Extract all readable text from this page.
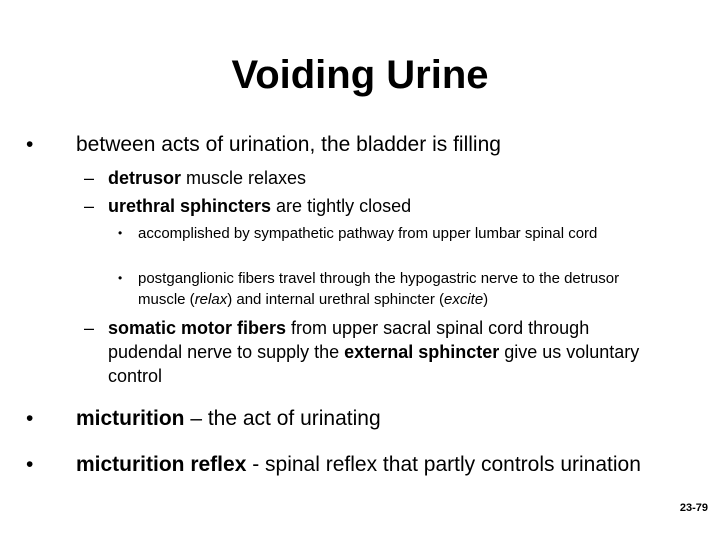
Voiding Urine
• between acts of urination, the bladder is filling
– detrusor muscle relaxes
– urethral sphincters are tightly closed
• accomplished by sympathetic pathway from upper lumbar spinal cord
• postganglionic fibers travel through the hypogastric nerve to the detrusor muscle (relax) and internal urethral sphincter (excite)
– somatic motor fibers from upper sacral spinal cord through pudendal nerve to supply the external sphincter give us voluntary control
• micturition – the act of urinating
• micturition reflex - spinal reflex that partly controls urination
23-79
